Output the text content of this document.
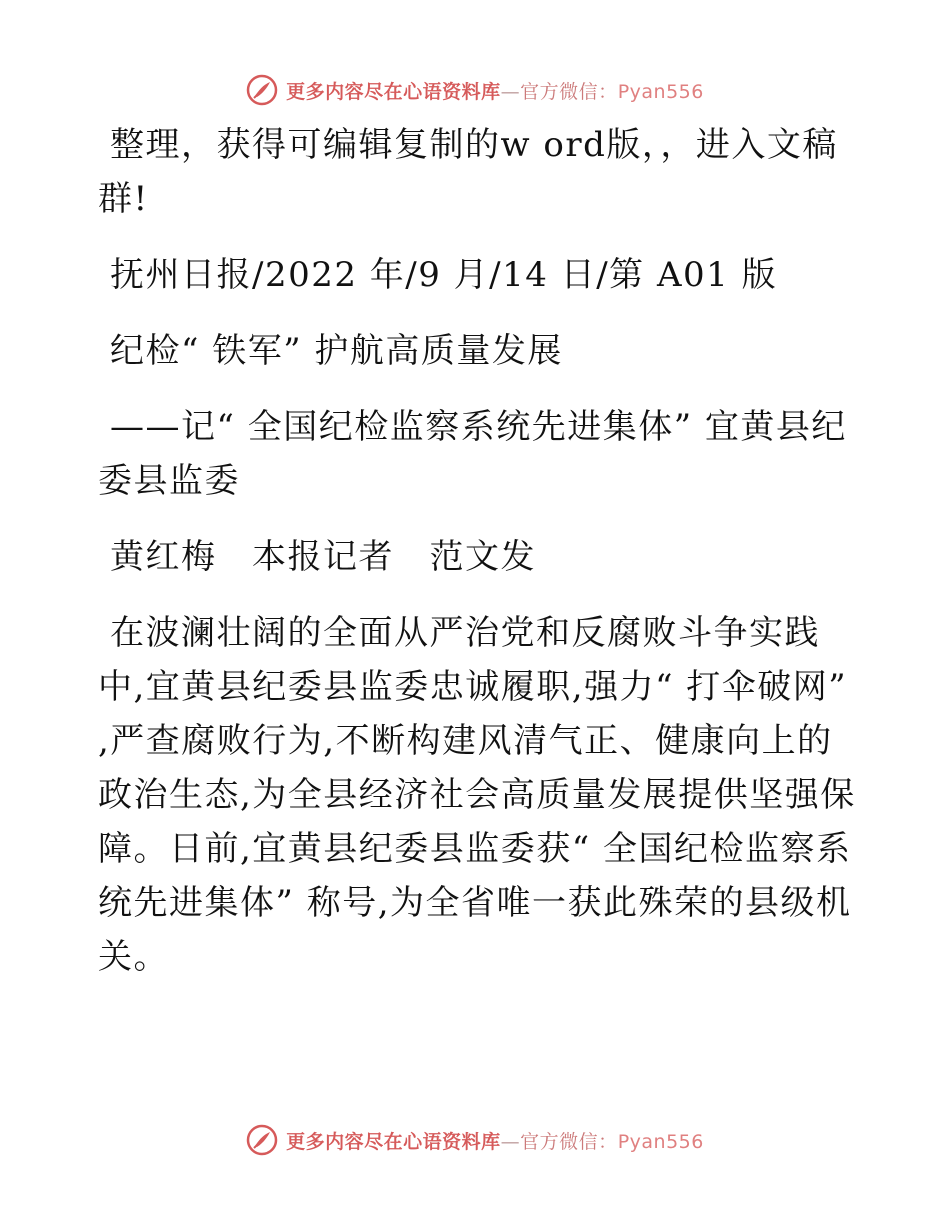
更多内容尽在心语资料库—官方微信：Pyan556

整理，获得可编辑复制的w ord版，，进入文稿群!

抚州日报/2022 年/9 月/14 日/第 A01 版

纪检“ 铁军” 护航高质量发展

——记“ 全国纪检监察系统先进集体” 宜黄县纪委县监委

黄红梅　本报记者　范文发

在波澜壮阔的全面从严治党和反腐败斗争实践中,宜黄县纪委县监委忠诚履职,强力“ 打伞破网” ,严查腐败行为,不断构建风清气正、健康向上的政治生态,为全县经济社会高质量发展提供坚强保障。日前,宜黄县纪委县监委获“ 全国纪检监察系统先进集体” 称号,为全省唯一获此殊荣的县级机关。

更多内容尽在心语资料库—官方微信：Pyan556
